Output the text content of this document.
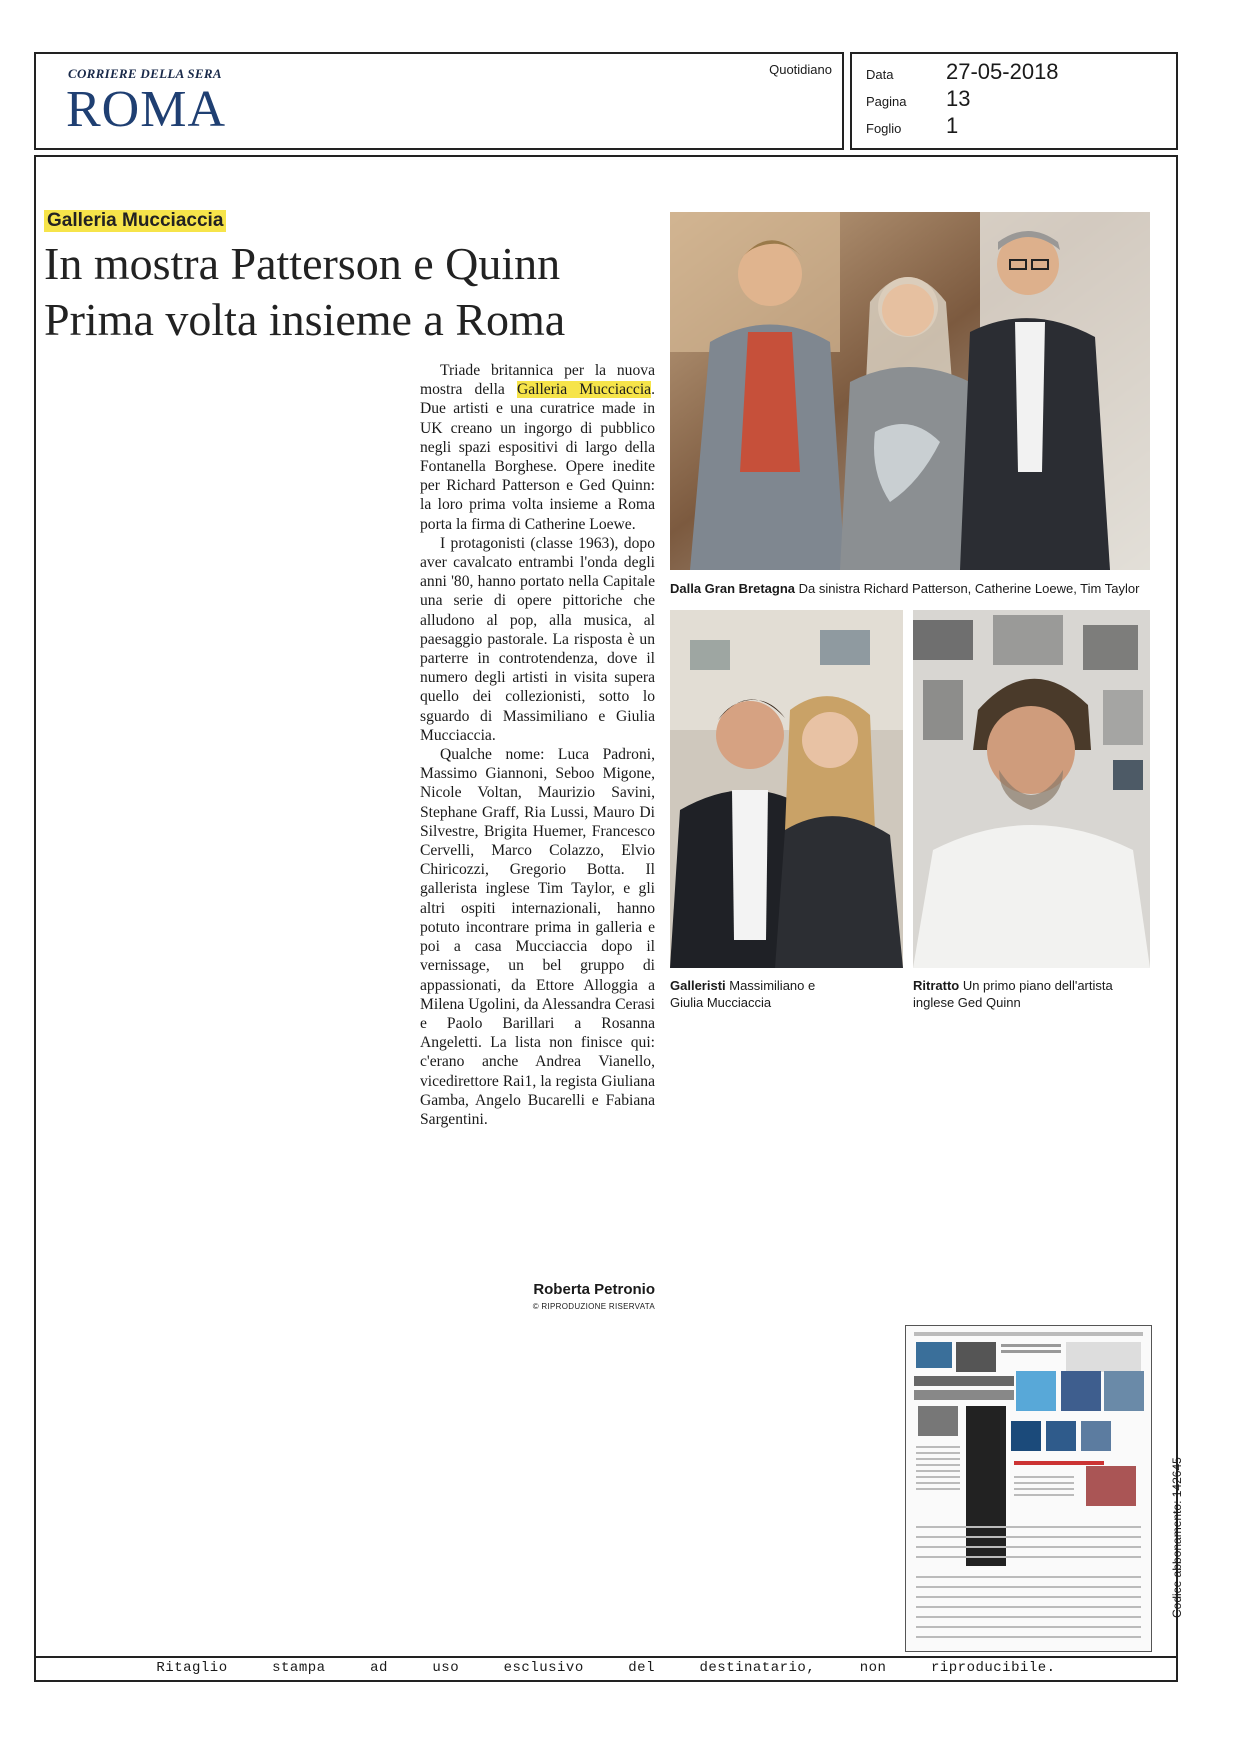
CORRIERE DELLA SERA
ROMA
Quotidiano	Data 27-05-2018
Pagina 13
Foglio 1
Galleria Mucciaccia
In mostra Patterson e Quinn
Prima volta insieme a Roma

Triade britannica per la nuova mostra della Galleria Mucciaccia. Due artisti e una curatrice made in UK creano un ingorgo di pubblico negli spazi espositivi di largo della Fontanella Borghese. Opere inedite per Richard Patterson e Ged Quinn: la loro prima volta insieme a Roma porta la firma di Catherine Loewe.

I protagonisti (classe 1963), dopo aver cavalcato entrambi l'onda degli anni '80, hanno portato nella Capitale una serie di opere pittoriche che alludono al pop, alla musica, al paesaggio pastorale. La risposta è un parterre in controtendenza, dove il numero degli artisti in visita supera quello dei collezionisti, sotto lo sguardo di Massimiliano e Giulia Mucciaccia.

Qualche nome: Luca Padroni, Massimo Giannoni, Seboo Migone, Nicole Voltan, Maurizio Savini, Stephane Graff, Ria Lussi, Mauro Di Silvestre, Brigita Huemer, Francesco Cervelli, Marco Colazzo, Elvio Chiricozzi, Gregorio Botta. Il gallerista inglese Tim Taylor, e gli altri ospiti internazionali, hanno potuto incontrare prima in galleria e poi a casa Mucciaccia dopo il vernissage, un bel gruppo di appassionati, da Ettore Alloggia a Milena Ugolini, da Alessandra Cerasi e Paolo Barillari a Rosanna Angeletti. La lista non finisce qui: c'erano anche Andrea Vianello, vicedirettore Rai1, la regista Giuliana Gamba, Angelo Bucarelli e Fabiana Sargentini.

Roberta Petronio
© RIPRODUZIONE RISERVATA
Dalla Gran Bretagna Da sinistra Richard Patterson, Catherine Loewe, Tim Taylor
Galleristi Massimiliano e Giulia Mucciaccia
Ritratto Un primo piano dell'artista inglese Ged Quinn
Ritaglio	stampa	ad	uso	esclusivo	del	destinatario,	non	riproducibile.
Codice abbonamento: 142645
